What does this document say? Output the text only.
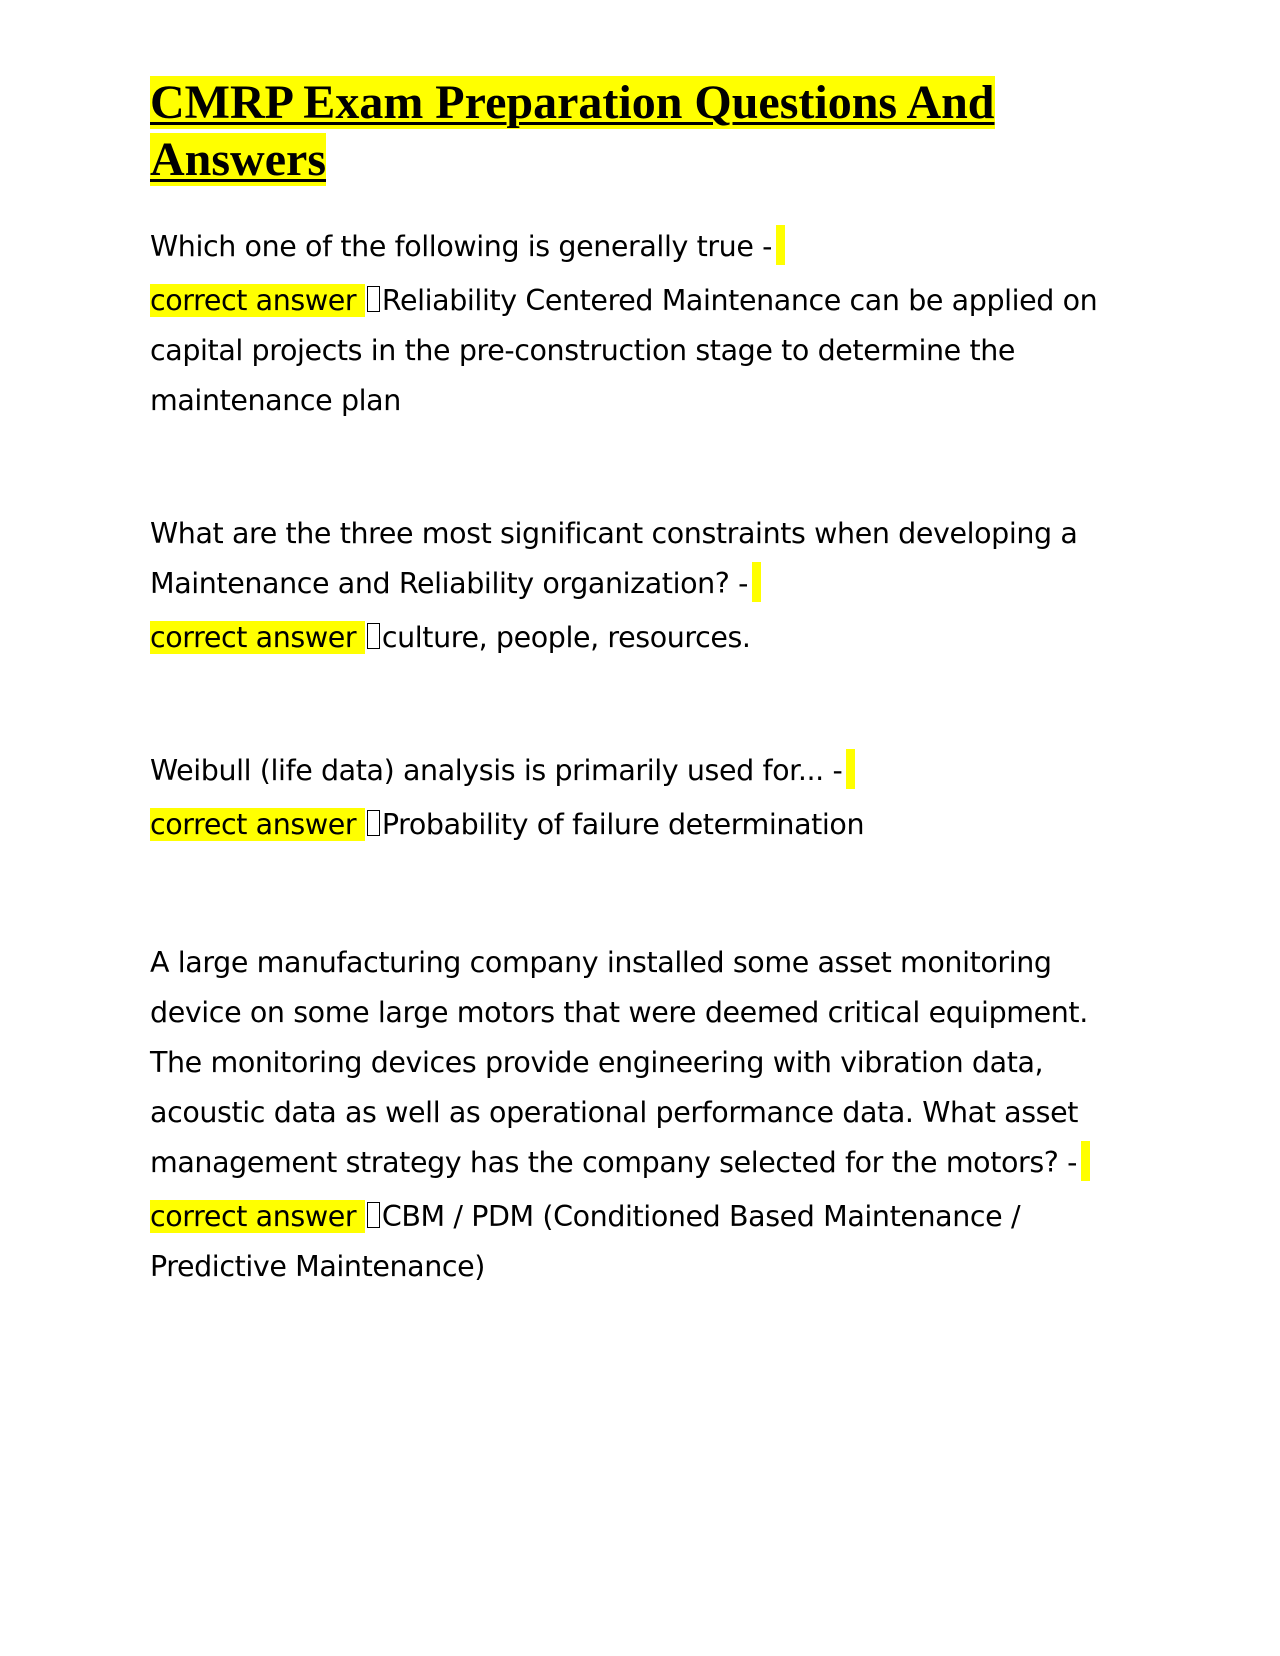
CMRP Exam Preparation Questions And Answers

Which one of the following is generally true -

correct answer Reliability Centered Maintenance can be applied on capital projects in the pre-construction stage to determine the maintenance plan

What are the three most significant constraints when developing a Maintenance and Reliability organization? -

correct answer culture, people, resources.

Weibull (life data) analysis is primarily used for... -

correct answer Probability of failure determination

A large manufacturing company installed some asset monitoring device on some large motors that were deemed critical equipment. The monitoring devices provide engineering with vibration data, acoustic data as well as operational performance data. What asset management strategy has the company selected for the motors? -

correct answer CBM / PDM (Conditioned Based Maintenance / Predictive Maintenance)
